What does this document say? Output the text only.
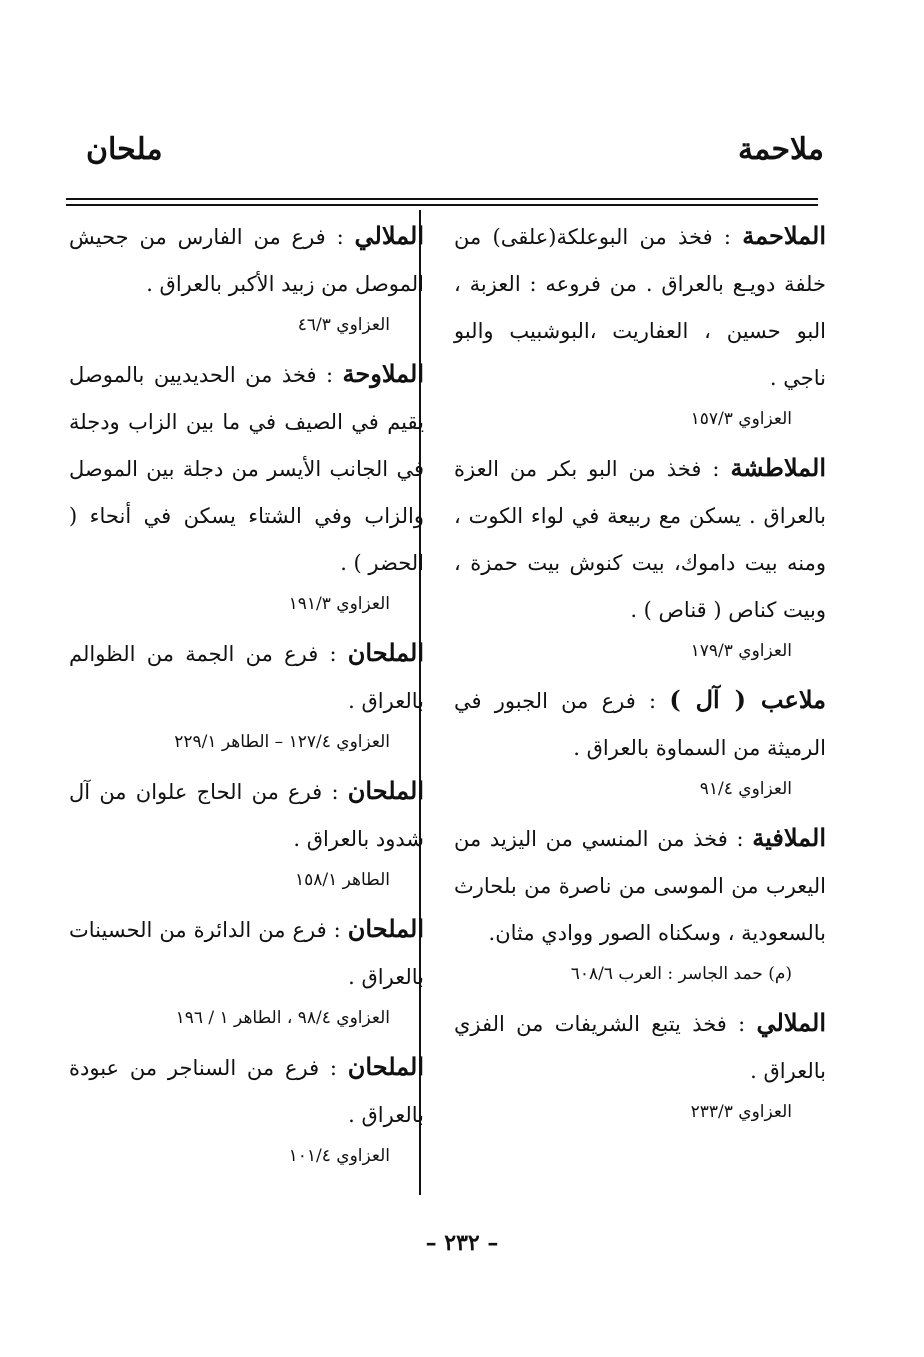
ملاحمة
ملحان
الملاحمة : فخذ من البوعلكة(علقى) من خلفة دويـع بالعراق . من فروعه : العزبة ، البو حسين ، العفاريت ،البوشبيب والبو ناجي .
العزاوي ١٥٧/٣
الملاطشة : فخذ من البو بكر من العزة بالعراق . يسكن مع ربيعة في لواء الكوت ، ومنه بيت داموك، بيت كنوش بيت حمزة ، وبيت كناص ( قناص ) .
العزاوي ١٧٩/٣
ملاعب ( آل ) : فرع من الجبور في الرميثة من السماوة بالعراق .
العزاوي ٩١/٤
الملافية : فخذ من المنسي من اليزيد من اليعرب من الموسى من ناصرة من بلحارث بالسعودية ، وسكناه الصور ووادي مثان.
(م) حمد الجاسر : العرب ٦٠٨/٦
الملالي : فخذ يتبع الشريفات من الفزي بالعراق .
العزاوي ٢٣٣/٣
الملالي : فرع من الفارس من جحيش الموصل من زبيد الأكبر بالعراق .
العزاوي ٤٦/٣
الملاوحة : فخذ من الحديديين بالموصل يقيم في الصيف في ما بين الزاب ودجلة في الجانب الأيسر من دجلة بين الموصل والزاب وفي الشتاء يسكن في أنحاء ( الحضر ) .
العزاوي ١٩١/٣
الملحان : فرع من الجمة من الظوالم بالعراق .
العزاوي ١٢٧/٤ – الطاهر ٢٢٩/١
الملحان : فرع من الحاج علوان من آل شدود بالعراق .
الطاهر ١٥٨/١
الملحان : فرع من الدائرة من الحسينات بالعراق .
العزاوي ٩٨/٤ ، الطاهر ١ / ١٩٦
الملحان : فرع من السناجر من عبودة بالعراق .
العزاوي ١٠١/٤
– ٢٣٢ –
